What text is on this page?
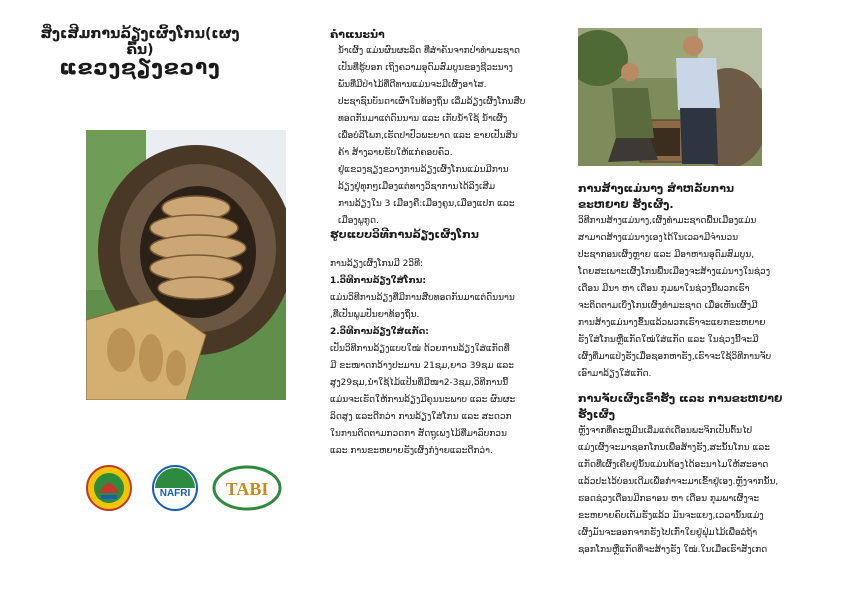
ສິ່ງເສີມການລ້ຽງເຜິ້ງໂກນ(ເຜງຄົ້ນ)
ແຂວງຊຽງຂວາງ
NAFRI TABI

ຄຳແນະນຳ

ນ້ຳເຜິ້ງ ແມ່ນຜົນຜະລິດ ທີ່ສຳຄັນຈາກປ່າທຳມະຊາດ

ເປັນທີ່ຮູ້ບອກ ເຖິງຄວາມອຸດົມສົມບູນຂອງຊີວະນາງ

ພັນທີ່ມີປ່າໄມ້ທີ່ດີທານແມ່ນຈະມີເຜິ້ງອາໄສ.

ປະຊາຊົນບັນດາເຜົ່າໃນທ້ອງຖິ່ນ ເລີ່ມລ້ຽງເຜິ້ງໂກນສືບ

ທອດກັນມາແຕ່ດົນນານ ແລະ ເກັບນ້ຳໃຊ້ ນ້ຳເຜິ້ງ

ເພື່ອບໍລິໂພກ,ເຮັດປາປົວພະຍາດ ແລະ ຂາຍເປັນສິນ

ຄ້າ ສ້າງລາຍຮັບໃຫ້ແກ່ຄອບຄົວ.

ຢູ່ແຂວງຊຽງຂວາງການລ້ຽງເຜິ້ງໂກນແມ່ນມີການ

ລ້ຽງຢູ່ທຸກໆເມືອງແຕ່ທາງວິຊາການໄດ້ລິງເສີມ

ການລ້ຽງໃນ 3 ເມືອງຄື:ເມືອງຄູນ,ເມືອງແປກ ແລະ

ເມືອງພູກູດ.

ຮູບແບບວິທີການລ້ຽງເຜິ້ງໂກນ

ການລ້ຽງເຜິ້ງໂກນມີ 2ວິທີ:

1.ວິທີການລ້ຽງໃສ່ໂກນ:

ແມ່ນວິທີການລ້ຽງທີ່ມີການສືບທອດກັນມາແຕ່ດົນນານ

,ທີ່ເປັນພູມປັນຍາທ້ອງຖິ່ນ.

2.ວິທີການລ້ຽງໃສ່ແກັດ:

ເປັນວິທີການລ້ຽງແບບໃໝ່ ດ້ວຍການລ້ຽງໃສ່ແກັດທີ່

ມີ ຂະໜາດກວ້າງປະມານ 21ຊມ,ຍາວ 39ຊມ ແລະ

ສູງ29ຊມ,ນຳໃຊ້ໄມ້ແປ້ນທີ່ມີໜາ2-3ຊມ,ວິທີການນີ້

ແມ່ນຈະເຮັດໃຫ້ການລ້ຽງມີຄຸນນະພາບ ແລະ ຜົນຜະ

ລິດສູງ ແລະດີກວ່າ ການລ້ຽງໃສ່ໂກນ ແລະ ສະດວກ

ໃນການຕິດຕາມກວດກາ ສັດຖູເພງໄມ້ທີ່ມາລົບກວນ

ແລະ ການຂະຫຍາຍຮັງເຜິ້ງກໍງ່າຍແລະດີກວ່າ.

ການສ້າງແມ່ນາງ ສຳຫລັບການຂະຫຍາຍ ຮັງເຜິ້ງ.

ວິທີການສ້າງແມ່ນາງ,ເຜິ້ງທຳມະຊາດພື້ນເມືອງແມ່ນ

ສາມາດສ້າງແມ່ນາງເອງໄດ້ໃນເວລາມີຈຳນວນ

ປະຊາກອນເຜິ້ງຫຼາຍ ແລະ ມີອາຫານອຸດົມສົມບູນ,

ໂດຍສະເພາະເຜິ້ງໂກນພື້ນເມືອງຈະສ້າງແມ່ນາງໃນຊ່ວງ

ເດືອນ ມີນາ ຫາ ເດືອນ ກຸມພາໃນຊ່ວງນີ້ພວກເຮົາ

ຈະຕິດຕາມເບິ່ງໂກນເຜິ້ງທຳມະຊາດ ເມື່ອເຫັນເຜິ້ງມີ

ການສ້າງແມ່ນາງຂຶ້ນແລ້ວພວກເຮົາຈະແຍກຂະຫຍາຍ

ຮັງໃສ່ໂກນຫຼືແກັດໃໝ່ໃສ່ແກັດ ແລະ ໃນຊ່ວງນີ້ຈະມີ

ເຜິ້ງທີ່ມາແປ່ງຮັງເມື່ອຊອກຫາຮັງ,ເຮົາຈະໃຊ້ວິທີການຈັບ

ເອົາມາລ້ຽງໃສ່ແກັດ.

ການຈັບເຜິ້ງເຂົ້າຮັງ ແລະ ການຂະຫຍາຍ ຮັງເຜິ້ງ

ຫຼັງຈາກທີ່ຄະຫຼຸມີນເລີ່ມແຕ່ເດືອນພະຈິກເປັນຕົ້ນໄປ

ແມ່ງເຜິ້ງຈະມາຊອກໂກນເພື່ອສ້າງຮັງ,ສະນັ້ນໂກນ ແລະ

ແກັດທີ່ເຜິ້ງເຄີຍຢູ່ນັ້ນແມ່ນຕ້ອງໄດ້ອະນາໄມໃຫ້ສະອາດ

ແລ້ວປະໄວ້ບ່ອນເດີມເພື່ອກຳຈະມາເຂົ້າຢູ່ເອງ.ຫຼັງຈາກນັ້ນ,

ຮອດຊ່ວງເດືອນມີກຣາອນ ຫາ ເດືອນ ກຸມພາເຜິ້ງຈະ

ຂະຫຍາຍຄົບເຕັມຮັງແລ້ວ ມັນຈະແຍງ,ເວລານັ້ນແມ່ງ

ເຜິ້ງມັນຈະອອກຈາກຮັງໄປເກົ່າໃຍຢູ່ຟຸ່ມໄມ້ເພື່ອລໍຖ້າ

ຊອກໂກນຫຼືແກັດທີ່ຈະສ້າງຮັງ ໃໝ່.ໃນເມື່ອເຮົາສັງເກດ
